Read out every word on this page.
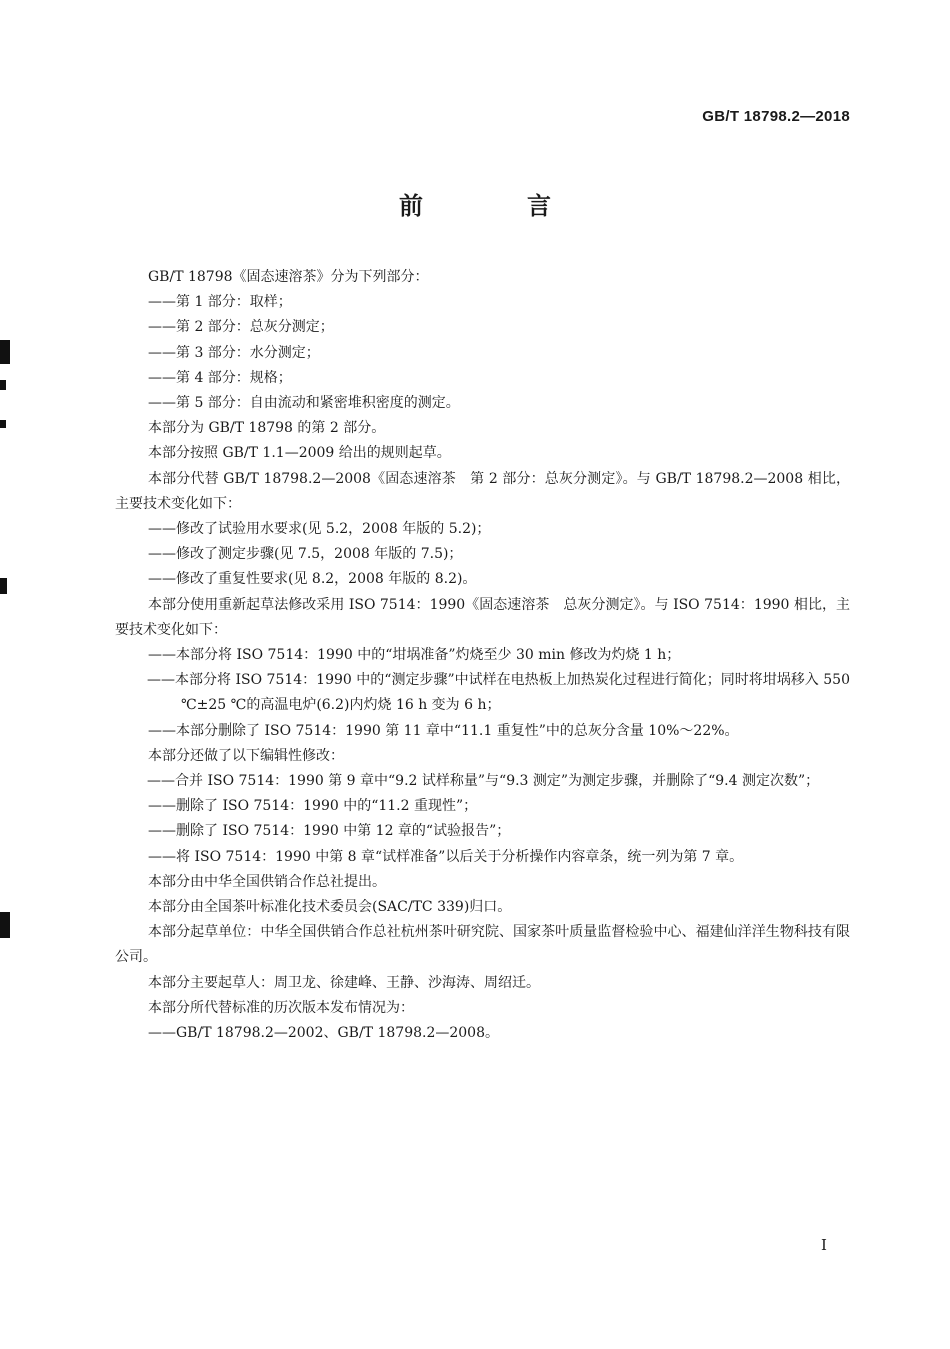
GB/T 18798.2—2018
前　言

GB/T 18798《固态速溶茶》分为下列部分：

——第 1 部分：取样；

——第 2 部分：总灰分测定；

——第 3 部分：水分测定；

——第 4 部分：规格；

——第 5 部分：自由流动和紧密堆积密度的测定。

本部分为 GB/T 18798 的第 2 部分。

本部分按照 GB/T 1.1—2009 给出的规则起草。

本部分代替 GB/T 18798.2—2008《固态速溶茶　第 2 部分：总灰分测定》。与 GB/T 18798.2—2008 相比，主要技术变化如下：

——修改了试验用水要求(见 5.2，2008 年版的 5.2)；

——修改了测定步骤(见 7.5，2008 年版的 7.5)；

——修改了重复性要求(见 8.2，2008 年版的 8.2)。

本部分使用重新起草法修改采用 ISO 7514：1990《固态速溶茶　总灰分测定》。与 ISO 7514：1990 相比，主要技术变化如下：

——本部分将 ISO 7514：1990 中的“坩埚准备”灼烧至少 30 min 修改为灼烧 1 h；

——本部分将 ISO 7514：1990 中的“测定步骤”中试样在电热板上加热炭化过程进行简化；同时将坩埚移入 550 ℃±25 ℃的高温电炉(6.2)内灼烧 16 h 变为 6 h；

——本部分删除了 ISO 7514：1990 第 11 章中“11.1 重复性”中的总灰分含量 10%～22%。

本部分还做了以下编辑性修改：

——合并 ISO 7514：1990 第 9 章中“9.2 试样称量”与“9.3 测定”为测定步骤，并删除了“9.4 测定次数”；

——删除了 ISO 7514：1990 中的“11.2 重现性”；

——删除了 ISO 7514：1990 中第 12 章的“试验报告”；

——将 ISO 7514：1990 中第 8 章“试样准备”以后关于分析操作内容章条，统一列为第 7 章。

本部分由中华全国供销合作总社提出。

本部分由全国茶叶标准化技术委员会(SAC/TC 339)归口。

本部分起草单位：中华全国供销合作总社杭州茶叶研究院、国家茶叶质量监督检验中心、福建仙洋洋生物科技有限公司。

本部分主要起草人：周卫龙、徐建峰、王静、沙海涛、周绍迁。

本部分所代替标准的历次版本发布情况为：

——GB/T 18798.2—2002、GB/T 18798.2—2008。

I
